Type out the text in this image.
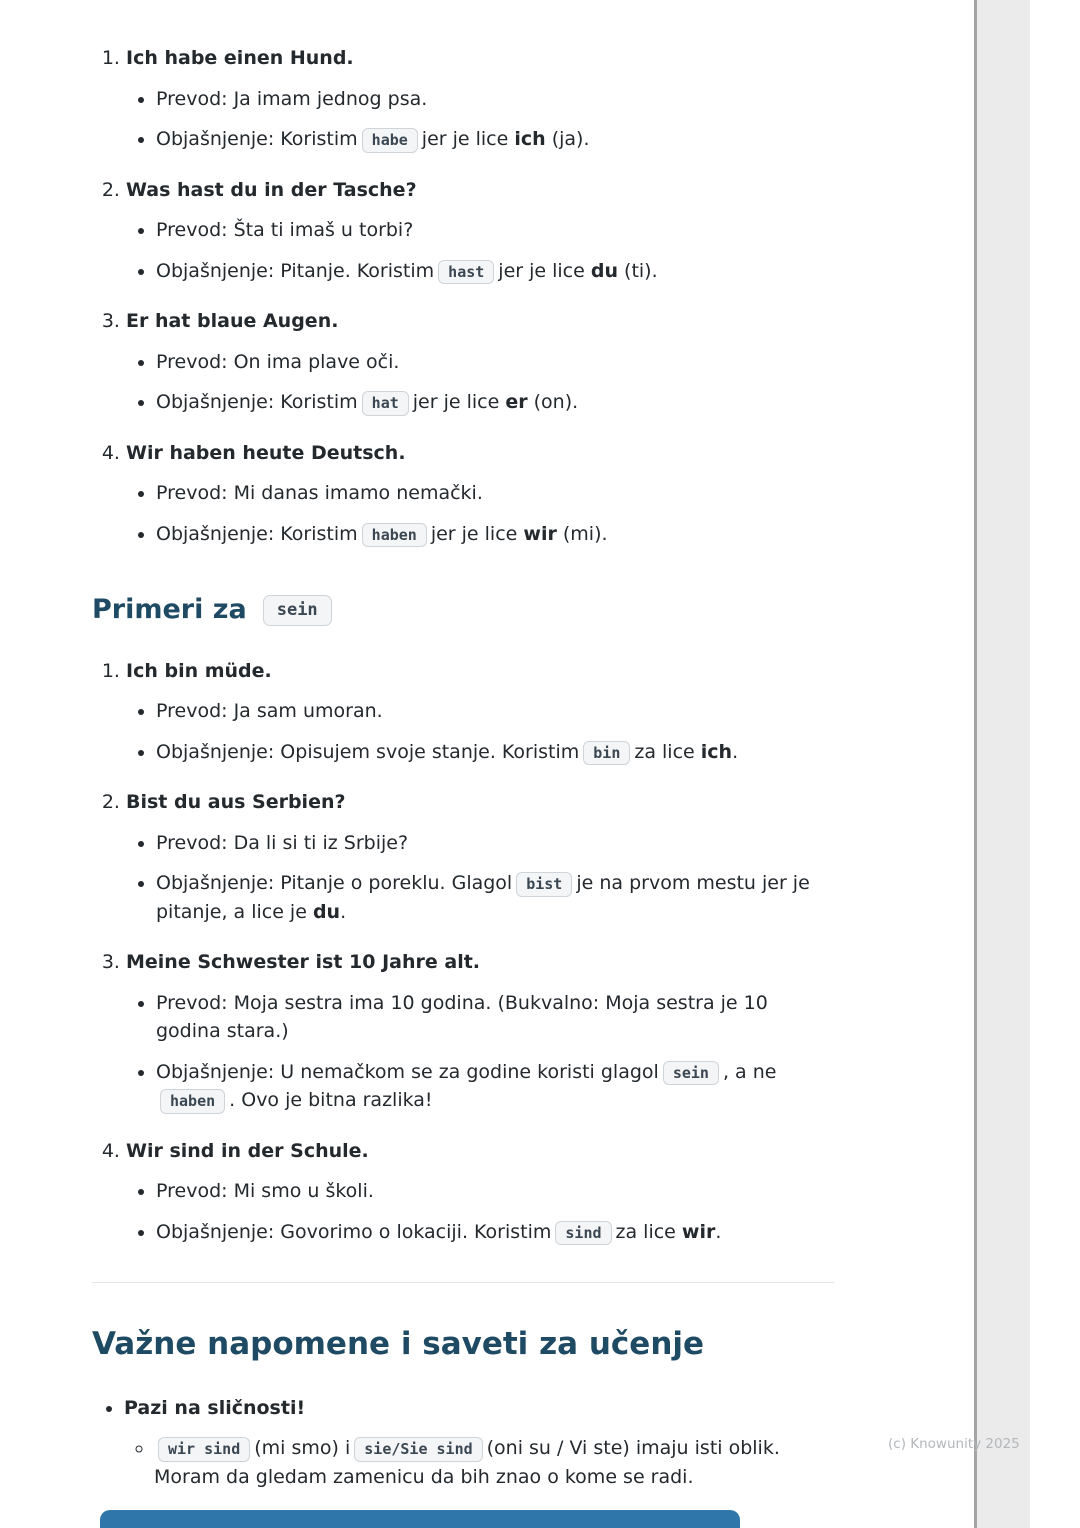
1. Ich habe einen Hund.
• Prevod: Ja imam jednog psa.
• Objašnjenje: Koristim habe jer je lice ich (ja).
2. Was hast du in der Tasche?
• Prevod: Šta ti imaš u torbi?
• Objašnjenje: Pitanje. Koristim hast jer je lice du (ti).
3. Er hat blaue Augen.
• Prevod: On ima plave oči.
• Objašnjenje: Koristim hat jer je lice er (on).
4. Wir haben heute Deutsch.
• Prevod: Mi danas imamo nemački.
• Objašnjenje: Koristim haben jer je lice wir (mi).
Primeri za	sein
1. Ich bin müde.
• Prevod: Ja sam umoran.
• Objašnjenje: Opisujem svoje stanje. Koristim bin za lice ich.
2. Bist du aus Serbien?
• Prevod: Da li si ti iz Srbije?
• Objašnjenje: Pitanje o poreklu. Glagol bist je na prvom mestu jer je pitanje, a lice je du.
3. Meine Schwester ist 10 Jahre alt.
• Prevod: Moja sestra ima 10 godina. (Bukvalno: Moja sestra je 10 godina stara.)
• Objašnjenje: U nemačkom se za godine koristi glagol sein , a nehaben . Ovo je bitna razlika!
4. Wir sind in der Schule.
• Prevod: Mi smo u školi.
• Objašnjenje: Govorimo o lokaciji. Koristim sind za lice wir.
Važne napomene i saveti za učenje
• Pazi na sličnosti!
◦ wir sind (mi smo) i sie/Sie sind (oni su / Vi ste) imaju isti oblik. Moram da gledam zamenicu da bih znao o kome se radi.
(c) Knowunity 2025
